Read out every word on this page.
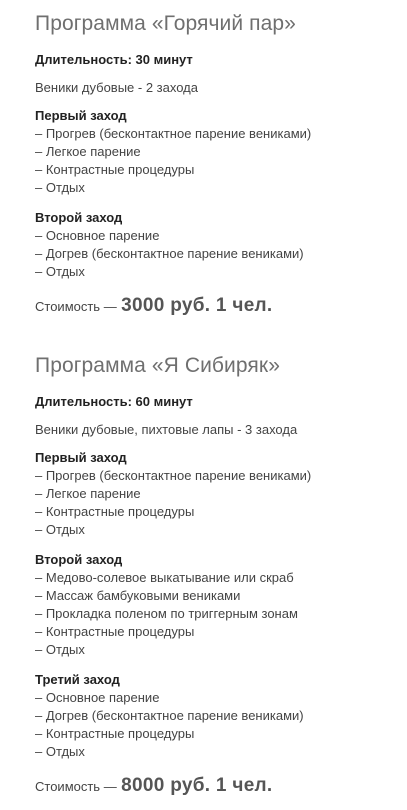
Программа «Горячий пар»
Длительность: 30 минут
Веники дубовые - 2 захода
Первый заход
– Прогрев (бесконтактное парение вениками)
– Легкое парение
– Контрастные процедуры
– Отдых
Второй заход
– Основное парение
– Догрев (бесконтактное парение вениками)
– Отдых
Стоимость — 3000 руб. 1 чел.
Программа «Я Сибиряк»
Длительность: 60 минут
Веники дубовые, пихтовые лапы - 3 захода
Первый заход
– Прогрев (бесконтактное парение вениками)
– Легкое парение
– Контрастные процедуры
– Отдых
Второй заход
– Медово-солевое выкатывание или скраб
– Массаж бамбуковыми вениками
– Прокладка поленом по триггерным зонам
– Контрастные процедуры
– Отдых
Третий заход
– Основное парение
– Догрев (бесконтактное парение вениками)
– Контрастные процедуры
– Отдых
Стоимость — 8000 руб. 1 чел.
